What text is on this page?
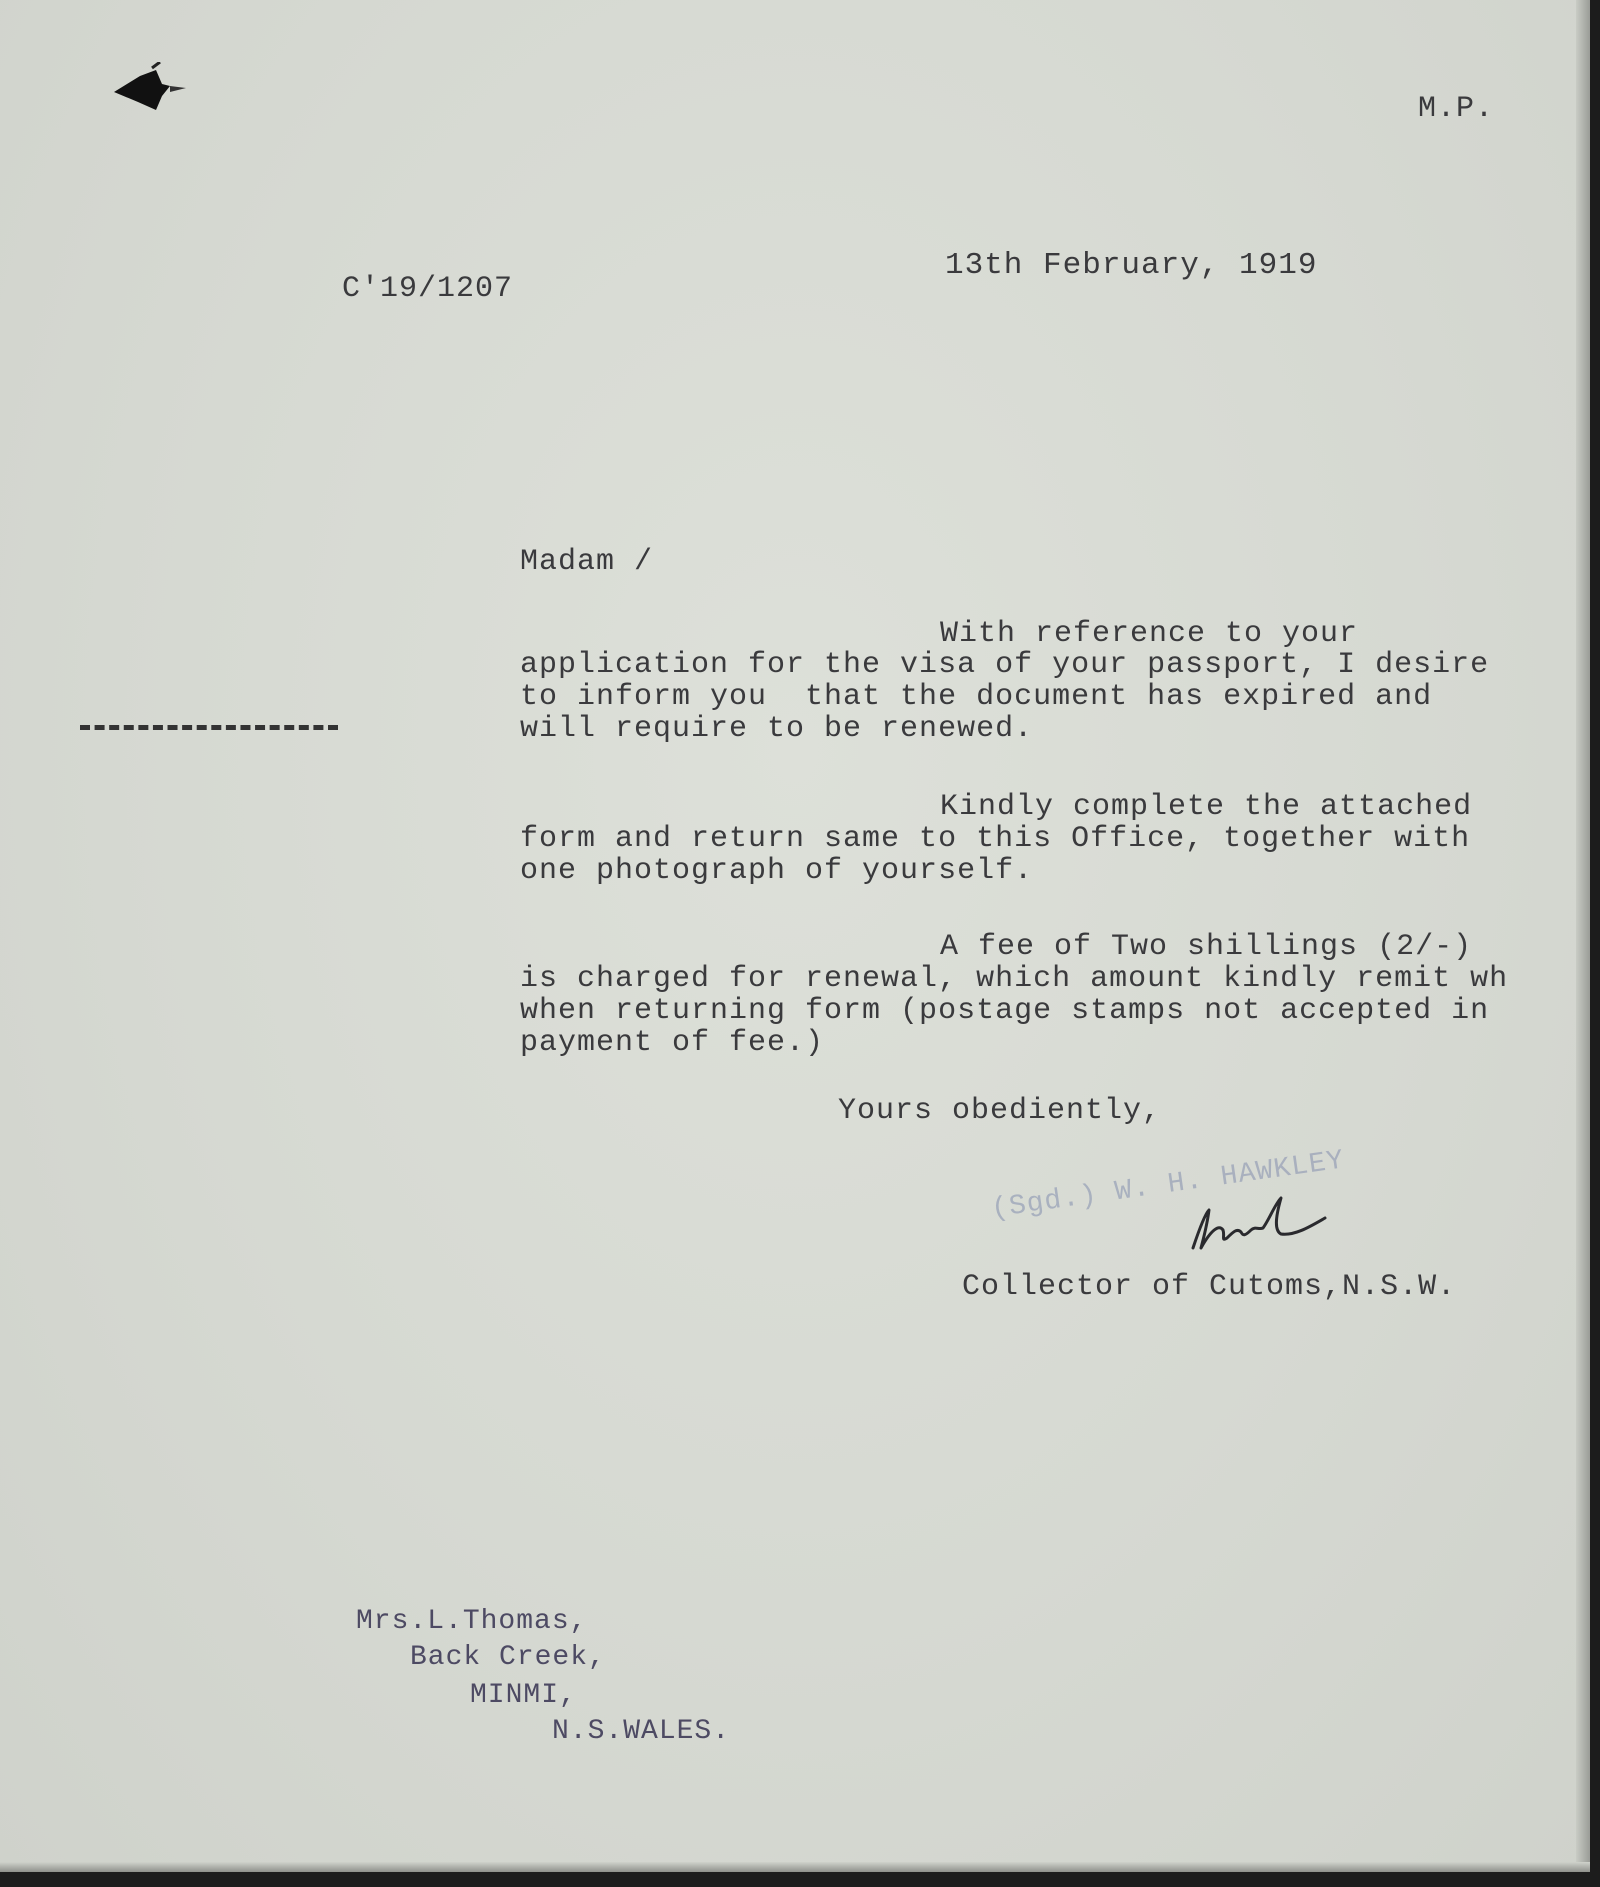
M.P.
C'19/1207
13th February, 1919
Madam /
With reference to your
application for the visa of your passport, I desire
to inform you  that the document has expired and
will require to be renewed.
Kindly complete the attached
form and return same to this Office, together with
one photograph of yourself.
A fee of Two shillings (2/-)
is charged for renewal, which amount kindly remit wh
when returning form (postage stamps not accepted in
payment of fee.)
Yours obediently,
(Sgd.) W. H. HAWKLEY
Collector of Cutoms,N.S.W.
Mrs.L.Thomas,
Back Creek,
MINMI,
N.S.WALES.
